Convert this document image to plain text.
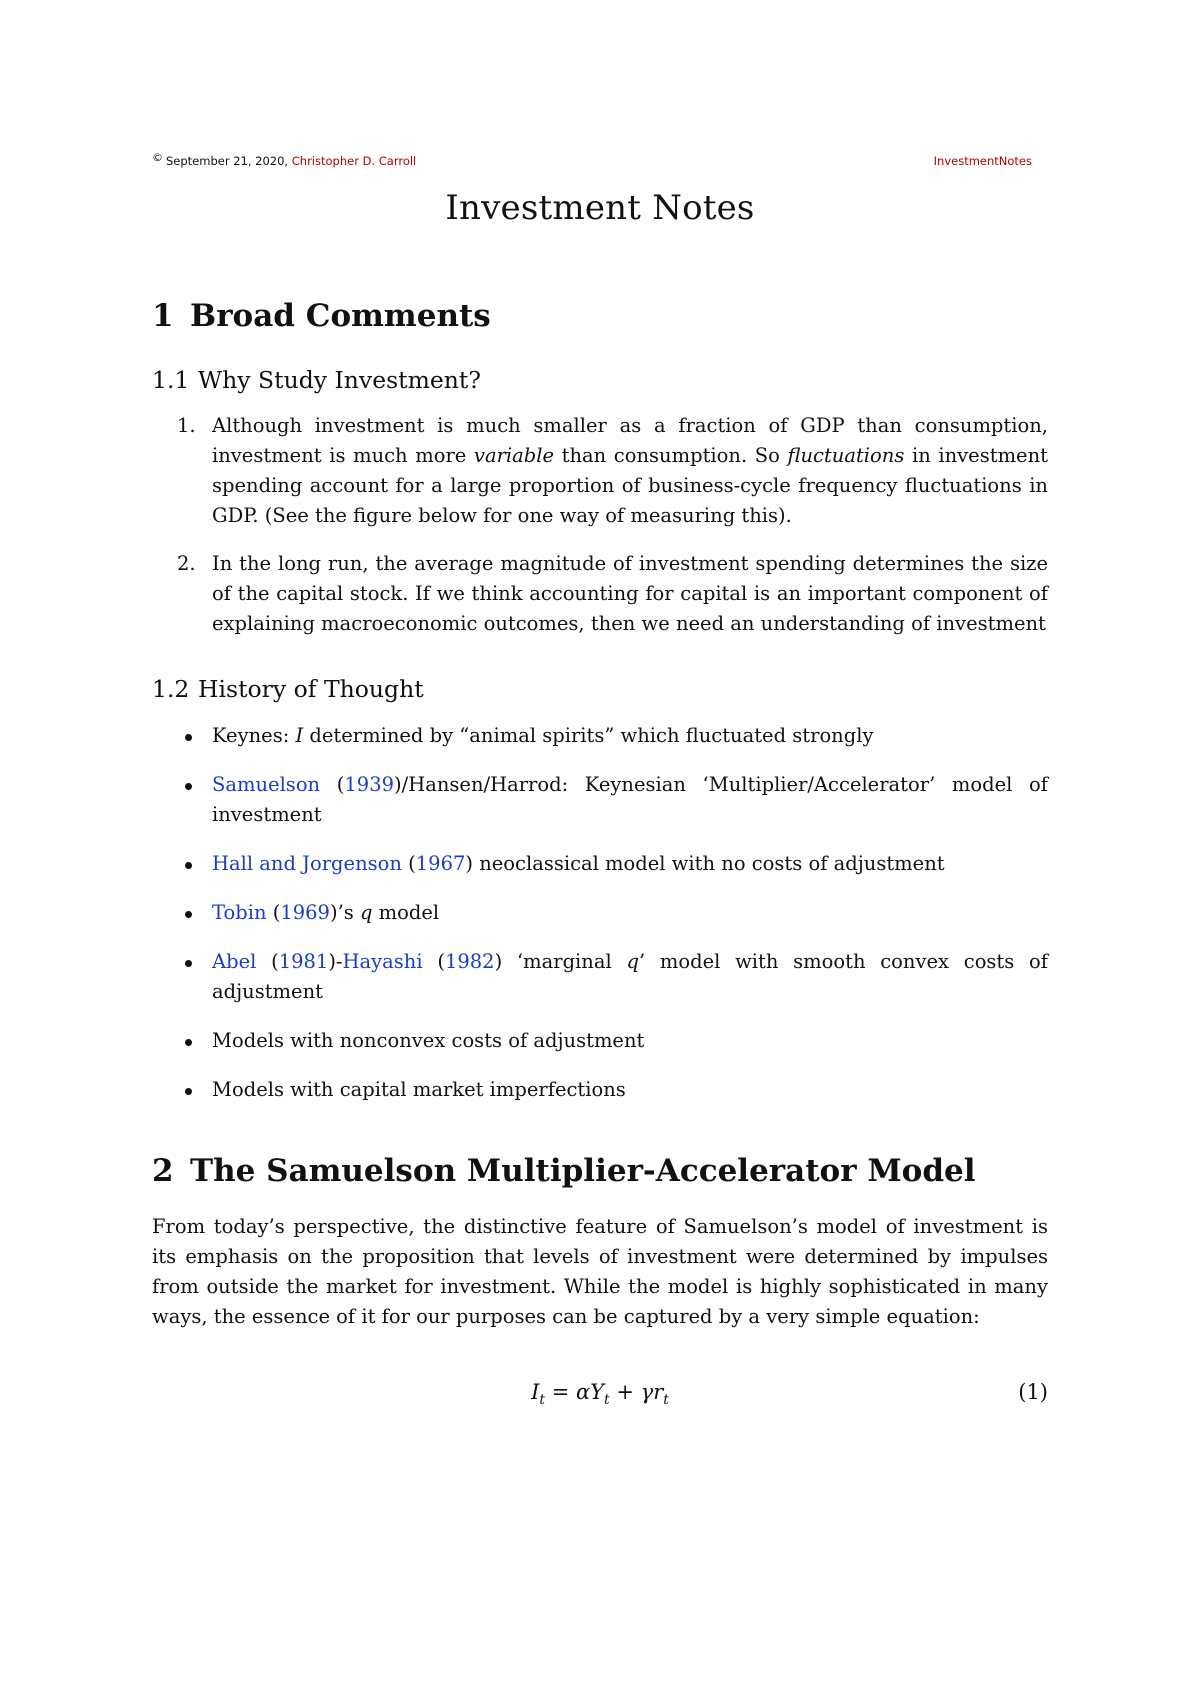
© September 21, 2020, Christopher D. Carroll	InvestmentNotes
Investment Notes
1 Broad Comments
1.1 Why Study Investment?
1. Although investment is much smaller as a fraction of GDP than consumption, investment is much more variable than consumption. So fluctuations in investment spending account for a large proportion of business-cycle frequency fluctuations in GDP. (See the figure below for one way of measuring this).
2. In the long run, the average magnitude of investment spending determines the size of the capital stock. If we think accounting for capital is an important component of explaining macroeconomic outcomes, then we need an understanding of investment
1.2 History of Thought
Keynes: I determined by “animal spirits” which fluctuated strongly
Samuelson (1939)/Hansen/Harrod: Keynesian ‘Multiplier/Accelerator’ model of investment
Hall and Jorgenson (1967) neoclassical model with no costs of adjustment
Tobin (1969)’s q model
Abel (1981)-Hayashi (1982) ‘marginal q’ model with smooth convex costs of adjustment
Models with nonconvex costs of adjustment
Models with capital market imperfections
2 The Samuelson Multiplier-Accelerator Model
From today’s perspective, the distinctive feature of Samuelson’s model of investment is its emphasis on the proposition that levels of investment were determined by impulses from outside the market for investment. While the model is highly sophisticated in many ways, the essence of it for our purposes can be captured by a very simple equation:
$I_t = \alpha Y_t + \gamma r_t$	(1)
